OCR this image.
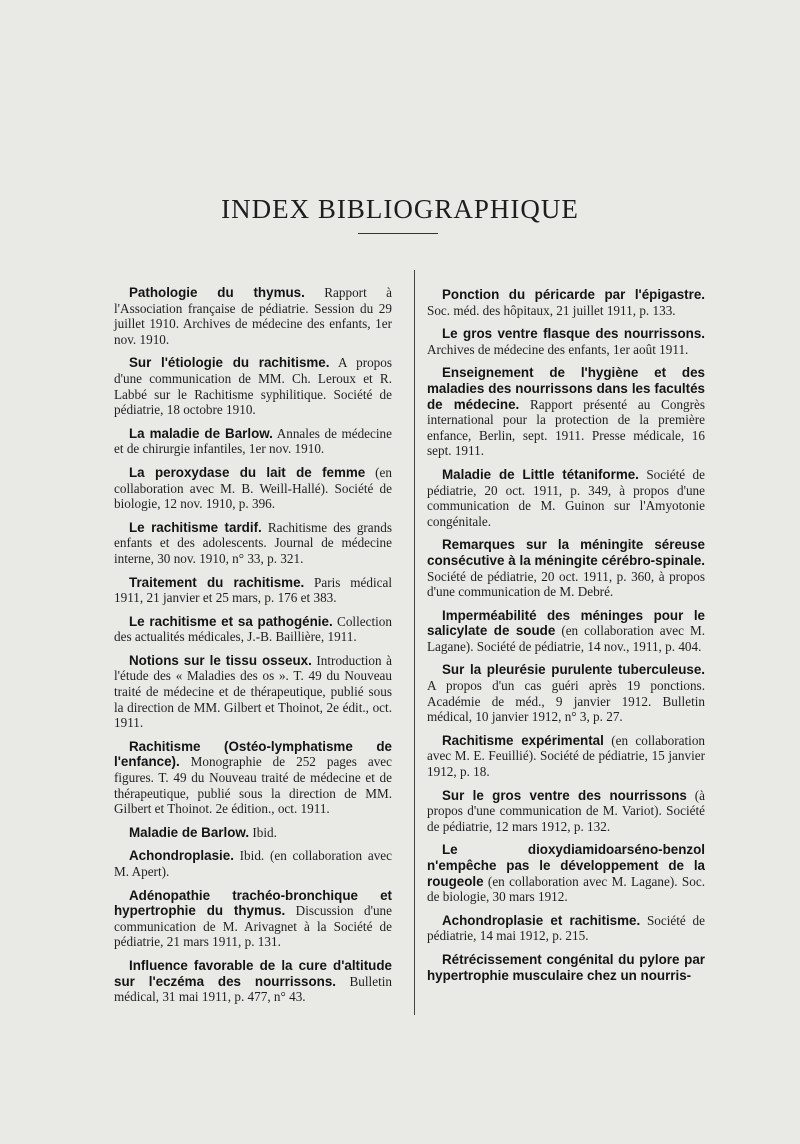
INDEX BIBLIOGRAPHIQUE

Pathologie du thymus. Rapport à l'Association française de pédiatrie. Session du 29 juillet 1910. Archives de médecine des enfants, 1er nov. 1910.

Sur l'étiologie du rachitisme. A propos d'une communication de MM. Ch. Leroux et R. Labbé sur le Rachitisme syphilitique. Société de pédiatrie, 18 octobre 1910.

La maladie de Barlow. Annales de médecine et de chirurgie infantiles, 1er nov. 1910.

La peroxydase du lait de femme (en collaboration avec M. B. Weill-Hallé). Société de biologie, 12 nov. 1910, p. 396.

Le rachitisme tardif. Rachitisme des grands enfants et des adolescents. Journal de médecine interne, 30 nov. 1910, n° 33, p. 321.

Traitement du rachitisme. Paris médical 1911, 21 janvier et 25 mars, p. 176 et 383.

Le rachitisme et sa pathogénie. Collection des actualités médicales, J.-B. Baillière, 1911.

Notions sur le tissu osseux. Introduction à l'étude des « Maladies des os ». T. 49 du Nouveau traité de médecine et de thérapeutique, publié sous la direction de MM. Gilbert et Thoinot, 2e édit., oct. 1911.

Rachitisme (Ostéo-lymphatisme de l'enfance). Monographie de 252 pages avec figures. T. 49 du Nouveau traité de médecine et de thérapeutique, publié sous la direction de MM. Gilbert et Thoinot. 2e édition., oct. 1911.

Maladie de Barlow. Ibid.

Achondroplasie. Ibid. (en collaboration avec M. Apert).

Adénopathie trachéo-bronchique et hypertrophie du thymus. Discussion d'une communication de M. Arivagnet à la Société de pédiatrie, 21 mars 1911, p. 131.

Influence favorable de la cure d'altitude sur l'eczéma des nourrissons. Bulletin médical, 31 mai 1911, p. 477, n° 43.

Ponction du péricarde par l'épigastre. Soc. méd. des hôpitaux, 21 juillet 1911, p. 133.

Le gros ventre flasque des nourrissons. Archives de médecine des enfants, 1er août 1911.

Enseignement de l'hygiène et des maladies des nourrissons dans les facultés de médecine. Rapport présenté au Congrès international pour la protection de la première enfance, Berlin, sept. 1911. Presse médicale, 16 sept. 1911.

Maladie de Little tétaniforme. Société de pédiatrie, 20 oct. 1911, p. 349, à propos d'une communication de M. Guinon sur l'Amyotonie congénitale.

Remarques sur la méningite séreuse consécutive à la méningite cérébro-spinale. Société de pédiatrie, 20 oct. 1911, p. 360, à propos d'une communication de M. Debré.

Imperméabilité des méninges pour le salicylate de soude (en collaboration avec M. Lagane). Société de pédiatrie, 14 nov., 1911, p. 404.

Sur la pleurésie purulente tuberculeuse. A propos d'un cas guéri après 19 ponctions. Académie de méd., 9 janvier 1912. Bulletin médical, 10 janvier 1912, n° 3, p. 27.

Rachitisme expérimental (en collaboration avec M. E. Feuillié). Société de pédiatrie, 15 janvier 1912, p. 18.

Sur le gros ventre des nourrissons (à propos d'une communication de M. Variot). Société de pédiatrie, 12 mars 1912, p. 132.

Le dioxydiamidoarséno-benzol n'empêche pas le développement de la rougeole (en collaboration avec M. Lagane). Soc. de biologie, 30 mars 1912.

Achondroplasie et rachitisme. Société de pédiatrie, 14 mai 1912, p. 215.

Rétrécissement congénital du pylore par hypertrophie musculaire chez un nourris-
